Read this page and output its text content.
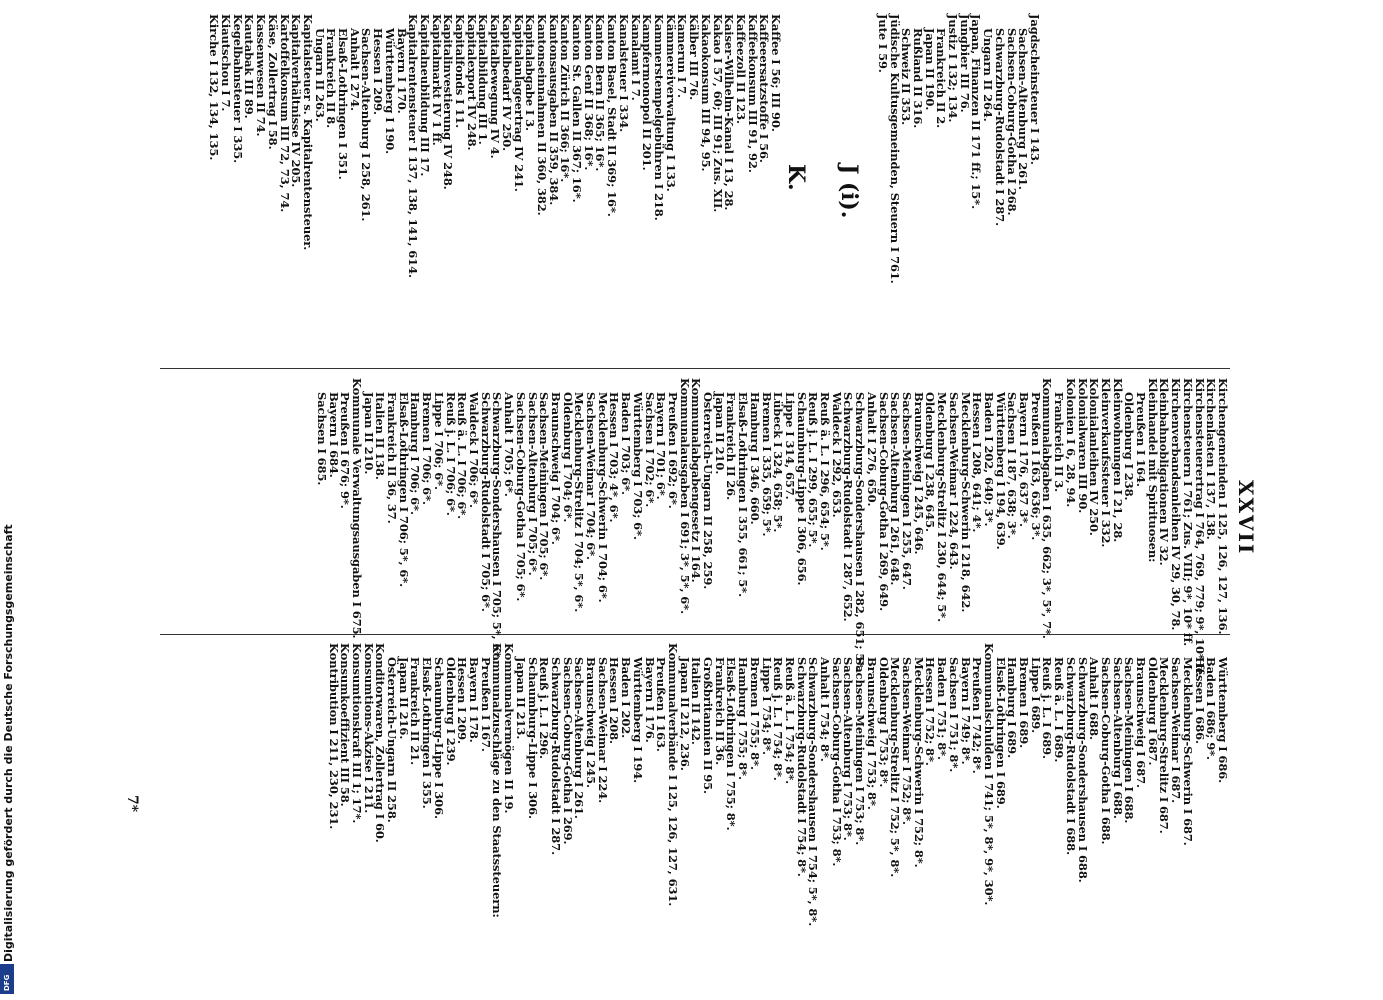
XXVII
Jagdscheinsteuer I 143.
Sachsen-Altenburg I 261.
Sachsen-Coburg-Gotha I 268.
Schwarzburg-Rudolstadt I 287.
Ungarn II 264.
Japan, Finanzen II 171 ff.; 15*.
Jungbier III 76.
Justiz I 132; 134.
Frankreich II 2.
Japan II 190.
Rußland II 316.
Schweiz II 353.
Jüdische Kultusgemeinden, Steuern I 761.
Jute I 59.

J (i).

K.
Kaffee I 56; III 90.
Kaffeeersatzstoffe I 56.
Kaffeekonsum III 91, 92.
Kaffeezoll II 123.
Kaiser-Wilhelm-Kanal I 13, 28.
Kakao I 57, 60; III 91; Zus. XII.
Kakaokonsum III 94, 95.
Kälber III 76.
Kamerun I 7.
Kämmereiverwaltung I 133.
Kammerstempelgebühren I 218.
Kampfermonopol II 201.
Kanalamt I 7.
Kanalsteuer I 334.
Kanton Basel, Stadt II 369; 16*.
Kanton Bern II 365; 16*.
Kanton Genf II 368; 16*.
Kanton St. Gallen II 367; 16*.
Kanton Zürich II 366; 16*.
Kantonsausgaben II 359, 384.
Kantonseinnahmen II 360, 382.
Kapitalabgabe I 3.
Kapitalanlageertrag IV 241.
Kapitalbedarf IV 250.
Kapitalbewegung IV 4.
Kapitalbildung III 1.
Kapitalexport IV 248.
Kapitalfonds I 11.
Kapitalinvestierung IV 248.
Kapitalmarkt IV 1 ff.
Kapitalneubildung III 17.
Kapitalrentensteuer I 137, 138, 141, 614.
Bayern I 170.
Württemberg I 190.
Hessen I 209.
Sachsen-Altenburg I 258, 261.
Anhalt I 274.
Elsaß-Lothringen I 351.
Frankreich II 8.
Ungarn II 263.
Kapitalsteuer s. Kapitalrentensteuer.
Kapitalverhältnisse IV 205.
Kartoffelkonsum III 72, 73, 74.
Käse, Zollertrag I 58.
Kassenwesen II 74.
Kautabak III 89.
Kegelbahnsteuer I 335.
Kiautschou I 7.
Kirche I 132, 134, 135.
Kirchengemeinden I 125, 126, 127, 136.
Kirchenlasten I 137, 138.
Kirchensteuerertrag I 764, 769, 779; 9*, 10* ff.
Kirchensteuern I 761; Zus. VIII; 9*, 10* ff.
Kirchenverbandsanleihen IV 29, 30, 78.
Kleinbahnobligationen IV 32.
Kleinhandel mit Spirituosen:
Preußen I 164.
Oldenburg I 238.
Kleinwohnungen I 21, 28.
Kleinverkaufssteuer I 332.
Kolonialanleihen IV 250.
Kolonialwaren III 90.
Kolonien I 6, 28, 94.
Frankreich II 3.
Kommunalabgaben I 635, 662; 3*, 5*, 7*.
Preußen I 163, 636; 3*.
Bayern I 176, 637 3*.
Sachsen I 187, 638; 3*.
Württemberg I 194, 639.
Baden I 202, 640; 3*.
Hessen I 208, 641; 4*.
Mecklenburg-Schwerin I 218, 642.
Sachsen-Weimar I 224, 643.
Mecklenburg-Strelitz I 230, 644; 5*.
Oldenburg I 238, 645.
Braunschweig I 245, 646.
Sachsen-Meiningen I 255, 647.
Sachsen-Altenburg I 261, 648.
Sachsen-Coburg-Gotha I 269, 649.
Anhalt I 276, 650.
Schwarzburg-Sondershausen I 282, 651; 5*.
Schwarzburg-Rudolstadt I 287, 652.
Waldeck I 292, 653.
Reuß ä. L. I 296, 654; 5*.
Reuß j. L. I 299, 655; 5*.
Schaumburg-Lippe I 306, 656.
Lippe I 314, 657.
Lübeck I 324, 658; 5*.
Bremen I 335, 659; 5*.
Hamburg I 346, 660.
Elsaß-Lothringen I 355, 661; 5*.
Frankreich II 26.
Japan II 210.
Österreich-Ungarn II 258, 259.
Kommunalabgabengesetz I 164.
Kommunalausgaben I 691; 3*, 5*, 6*.
Preußen I 692; 6*.
Bayern I 701; 6*.
Sachsen I 702; 6*.
Württemberg I 703; 6*.
Baden I 703; 6*.
Hessen I 703; 4*, 6*.
Mecklenburg-Schwerin I 704; 6*.
Sachsen-Weimar I 704; 6*.
Mecklenburg-Strelitz I 704; 5*, 6*.
Oldenburg I 704; 6*.
Braunschweig I 704; 6*.
Sachsen-Meiningen I 705; 6*.
Sachsen-Altenburg I 705; 6*.
Sachsen-Coburg-Gotha I 705; 6*.
Anhalt I 705; 6*.
Schwarzburg-Sondershausen I 705; 5*, 6*.
Schwarzburg-Rudolstadt I 705; 6*.
Waldeck I 706; 6*.
Reuß ä. L. I 706; 6*.
Reuß j. L. I 706; 6*.
Lippe I 706; 6*.
Bremen I 706; 6*.
Hamburg I 706; 6*.
Elsaß-Lothringen I 706; 5*, 6*.
Frankreich II 36, 37.
Italien II 138.
Japan II 210.
Kommunale Verwaltungsausgaben I 675.
Preußen I 676; 9*.
Bayern I 684.
Sachsen I 685.
Württemberg I 686.
Baden I 686; 9*.
Hessen I 686.
Mecklenburg-Schwerin I 687.
Sachsen-Weimar I 687.
Mecklenburg-Strelitz I 687.
Oldenburg I 687.
Braunschweig I 687.
Sachsen-Meiningen I 688.
Sachsen-Altenburg I 688.
Sachsen-Coburg-Gotha I 688.
Anhalt I 688.
Schwarzburg-Sondershausen I 688.
Schwarzburg-Rudolstadt I 688.
Reuß ä. L. I 689.
Reuß j. L. I 689.
Lippe I 689.
Bremen I 689.
Hamburg I 689.
Elsaß-Lothringen I 689.
Kommunalschulden I 741; 5*, 8*, 9*, 30*.
Preußen I 742; 8*.
Bayern I 749; 8*.
Sachsen I 751; 8*.
Baden I 751; 8*.
Hessen I 752; 8*.
Mecklenburg-Schwerin I 752; 8*.
Sachsen-Weimar I 752; 8*.
Mecklenburg-Strelitz I 752; 5*, 8*.
Oldenburg I 753; 8*.
Braunschweig I 753; 8*.
Sachsen-Meiningen I 753; 8*.
Sachsen-Altenburg I 753; 8*.
Sachsen-Coburg-Gotha I 753; 8*.
Anhalt I 754; 8*.
Schwarzburg-Sondershausen I 754; 5*, 8*.
Schwarzburg-Rudolstadt I 754; 8*.
Reuß ä. L. I 754; 8*.
Reuß j. L. I 754; 8*.
Lippe I 754; 8*.
Bremen I 755; 8*.
Hamburg I 755; 8*.
Elsaß-Lothringen I 755; 8*.
Frankreich II 36.
Großbritannien II 95.
Italien II 142.
Japan II 212, 236.
Kommunalverbände I 125, 126, 127, 631.
Preußen I 163.
Bayern I 176.
Württemberg I 194.
Baden I 202.
Hessen I 208.
Sachsen-Weimar I 224.
Braunschweig I 245.
Sachsen-Altenburg I 261.
Sachsen-Coburg-Gotha I 269.
Schwarzburg-Rudolstadt I 287.
Reuß j. L. I 296.
Schaumburg-Lippe I 306.
Japan II 213.
Kommunalvermögen II 19.
Kommunalzuschläge zu den Staatssteuern:
Preußen I 167.
Bayern I 178.
Hessen I 209.
Oldenburg I 239.
Schaumburg-Lippe I 306.
Elsaß-Lothringen I 355.
Frankreich II 21.
Japan II 216.
Österreich-Ungarn II 258.
Konditorwaren, Zollertrag I 60.
Konsumtions-Akzise I 211.
Konsumtionskraft III 1; 17*.
Konsumkoeffizient III 58.
Kontribution I 211, 230, 231.
7*
Digitalisierung gefördert durch die Deutsche Forschungsgemeinschaft
DFG
